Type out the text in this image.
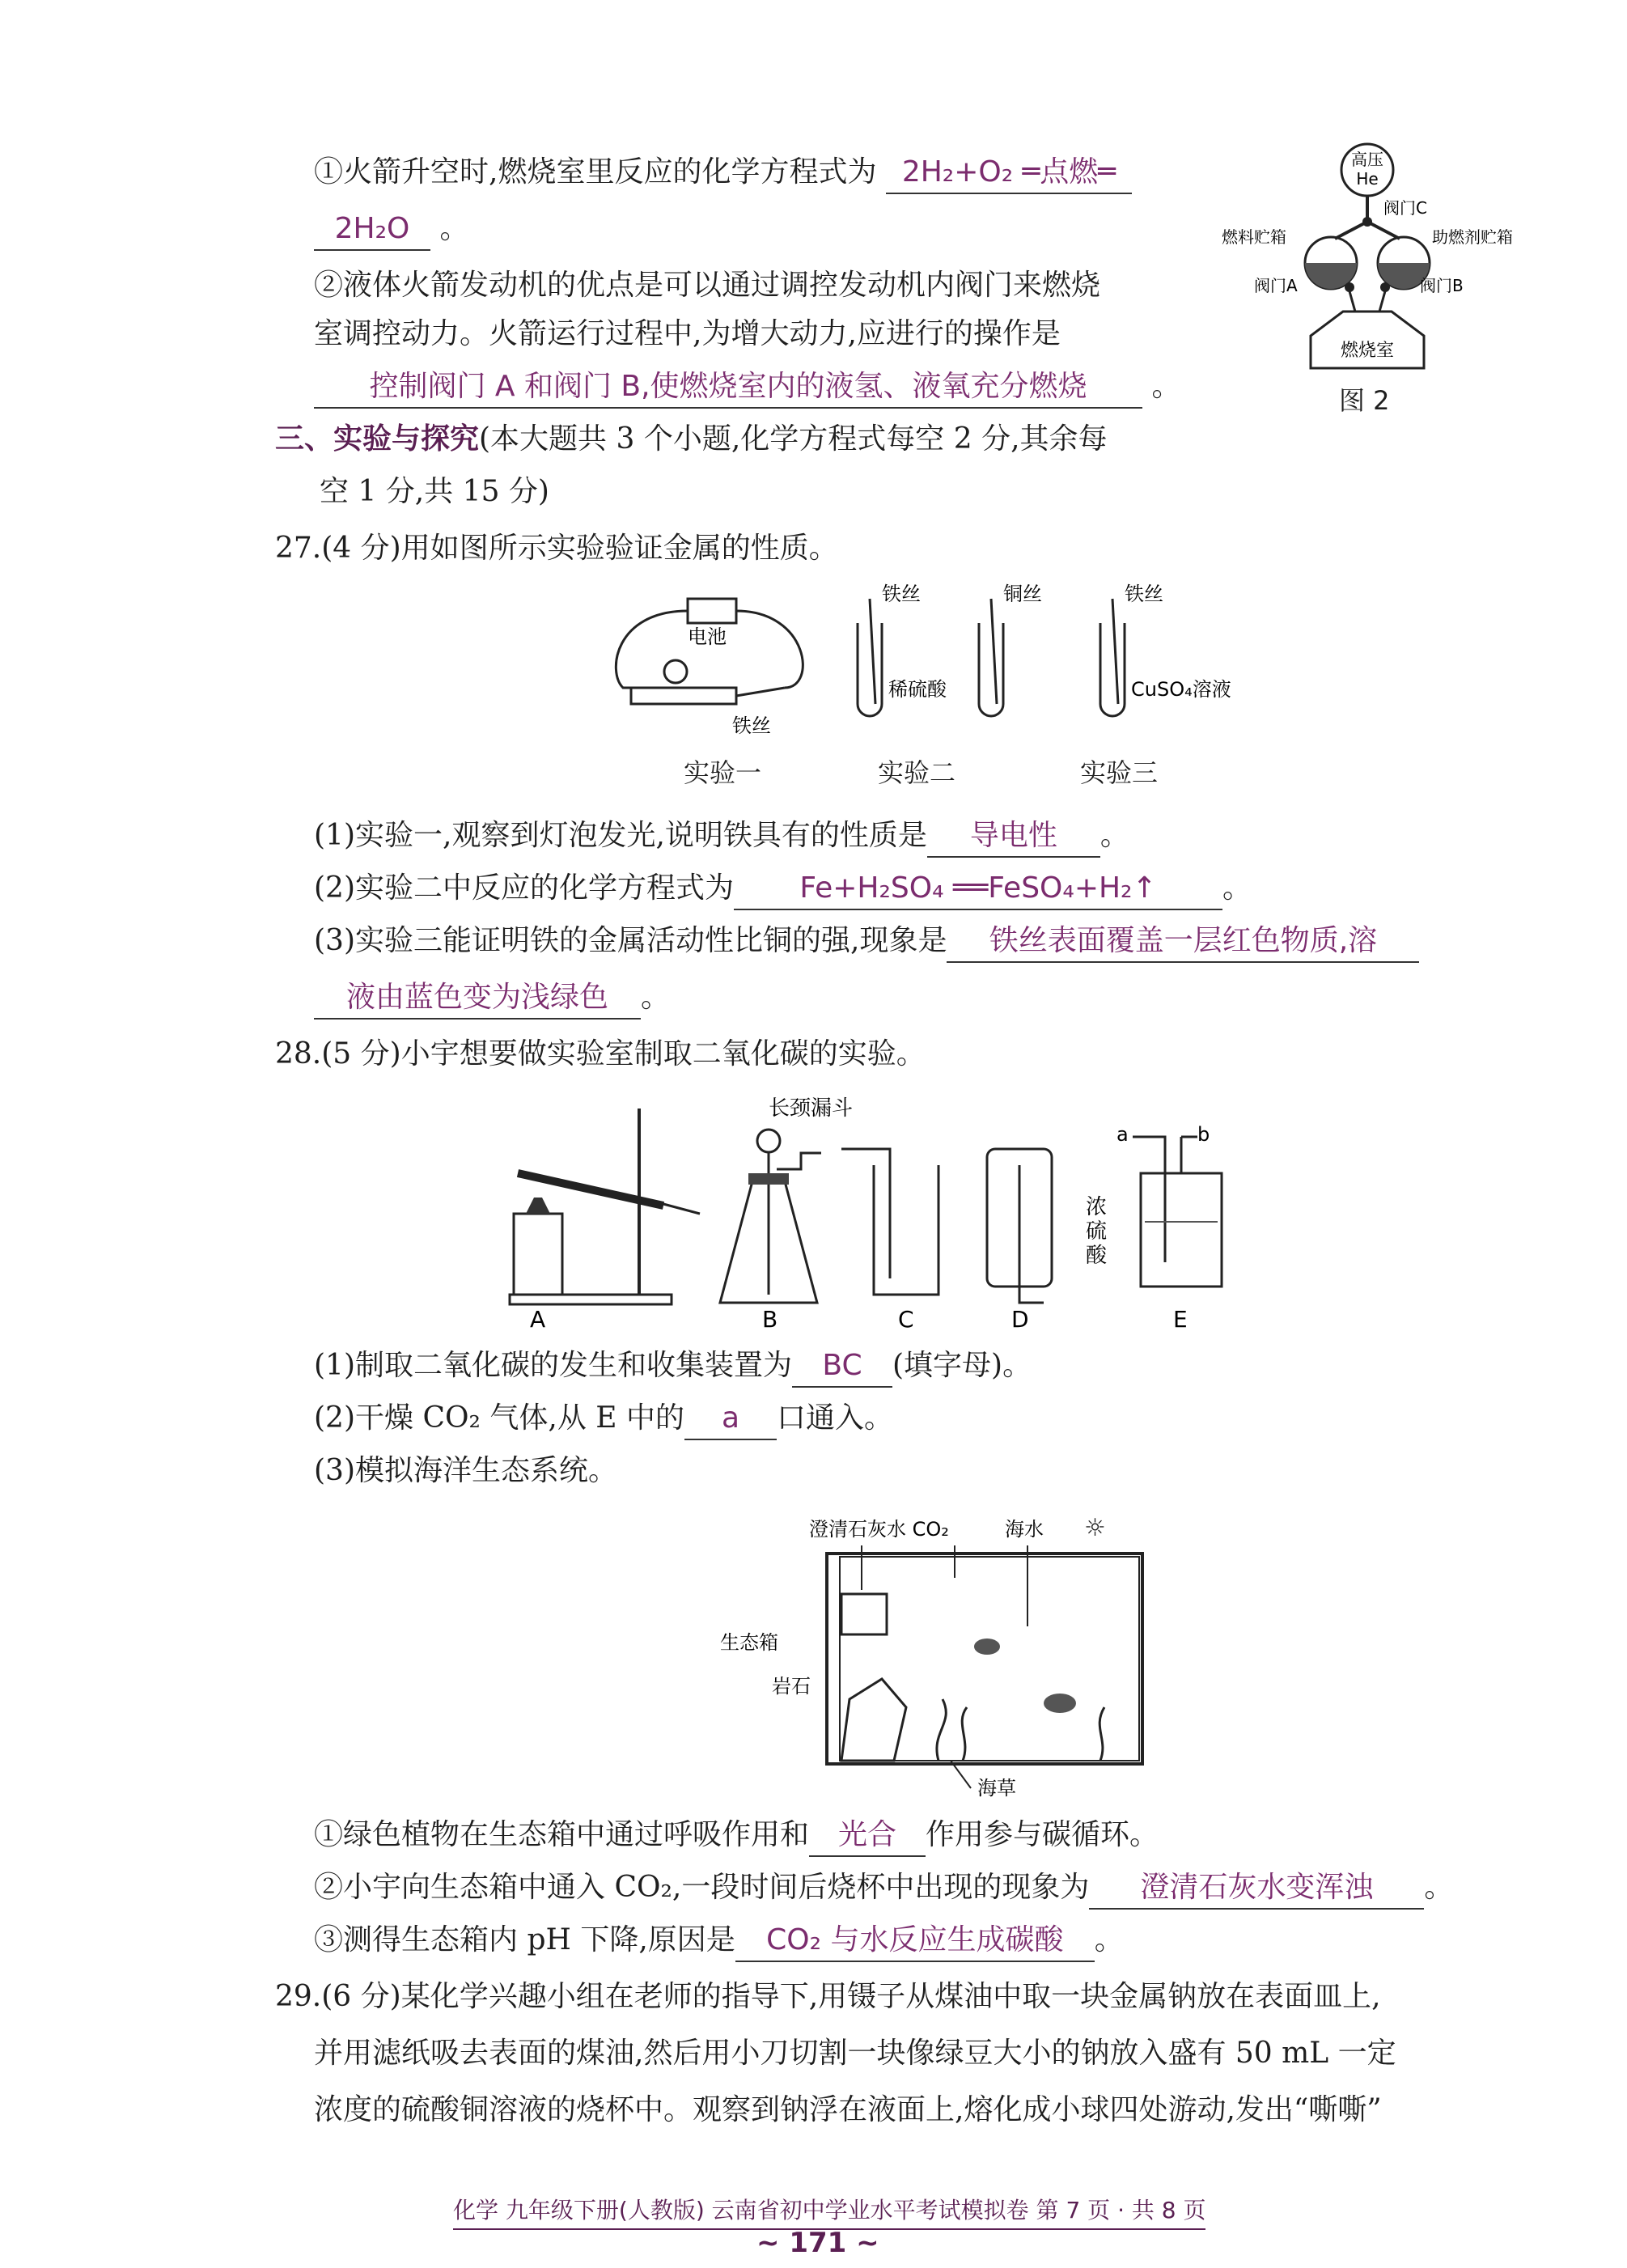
①火箭升空时,燃烧室里反应的化学方程式为 2H₂+O₂ ═点燃═
2H₂O 。
②液体火箭发动机的优点是可以通过调控发动机内阀门来燃烧
室调控动力。火箭运行过程中,为增大动力,应进行的操作是
控制阀门 A 和阀门 B,使燃烧室内的液氢、液氧充分燃烧 。
高压
He
阀门C
燃料贮箱	助燃剂贮箱
阀门A	阀门B
燃烧室
图 2
三、实验与探究(本大题共 3 个小题,化学方程式每空 2 分,其余每
空 1 分,共 15 分)
27.(4 分)用如图所示实验验证金属的性质。
电池
铁丝
铁丝
稀硫酸
铜丝	铁丝
CuSO₄溶液
实验一	实验二	实验三
(1)实验一,观察到灯泡发光,说明铁具有的性质是 导电性 。
(2)实验二中反应的化学方程式为 Fe+H₂SO₄ ══FeSO₄+H₂↑ 。
(3)实验三能证明铁的金属活动性比铜的强,现象是 铁丝表面覆盖一层红色物质,溶
液由蓝色变为浅绿色 。
28.(5 分)小宇想要做实验室制取二氧化碳的实验。
A
长颈漏斗
B	C	D
a	b
浓
硫
酸
E
(1)制取二氧化碳的发生和收集装置为 BC (填字母)。
(2)干燥 CO₂ 气体,从 E 中的 a 口通入。
(3)模拟海洋生态系统。
澄清石灰水 CO₂	海水 ☼
生态箱
岩石
海草
①绿色植物在生态箱中通过呼吸作用和 光合 作用参与碳循环。
②小宇向生态箱中通入 CO₂,一段时间后烧杯中出现的现象为 澄清石灰水变浑浊 。
③测得生态箱内 pH 下降,原因是 CO₂ 与水反应生成碳酸 。
29.(6 分)某化学兴趣小组在老师的指导下,用镊子从煤油中取一块金属钠放在表面皿上,
并用滤纸吸去表面的煤油,然后用小刀切割一块像绿豆大小的钠放入盛有 50 mL 一定
浓度的硫酸铜溶液的烧杯中。观察到钠浮在液面上,熔化成小球四处游动,发出“嘶嘶”
化学 九年级下册(人教版) 云南省初中学业水平考试模拟卷 第 7 页 · 共 8 页
~ 171 ~
